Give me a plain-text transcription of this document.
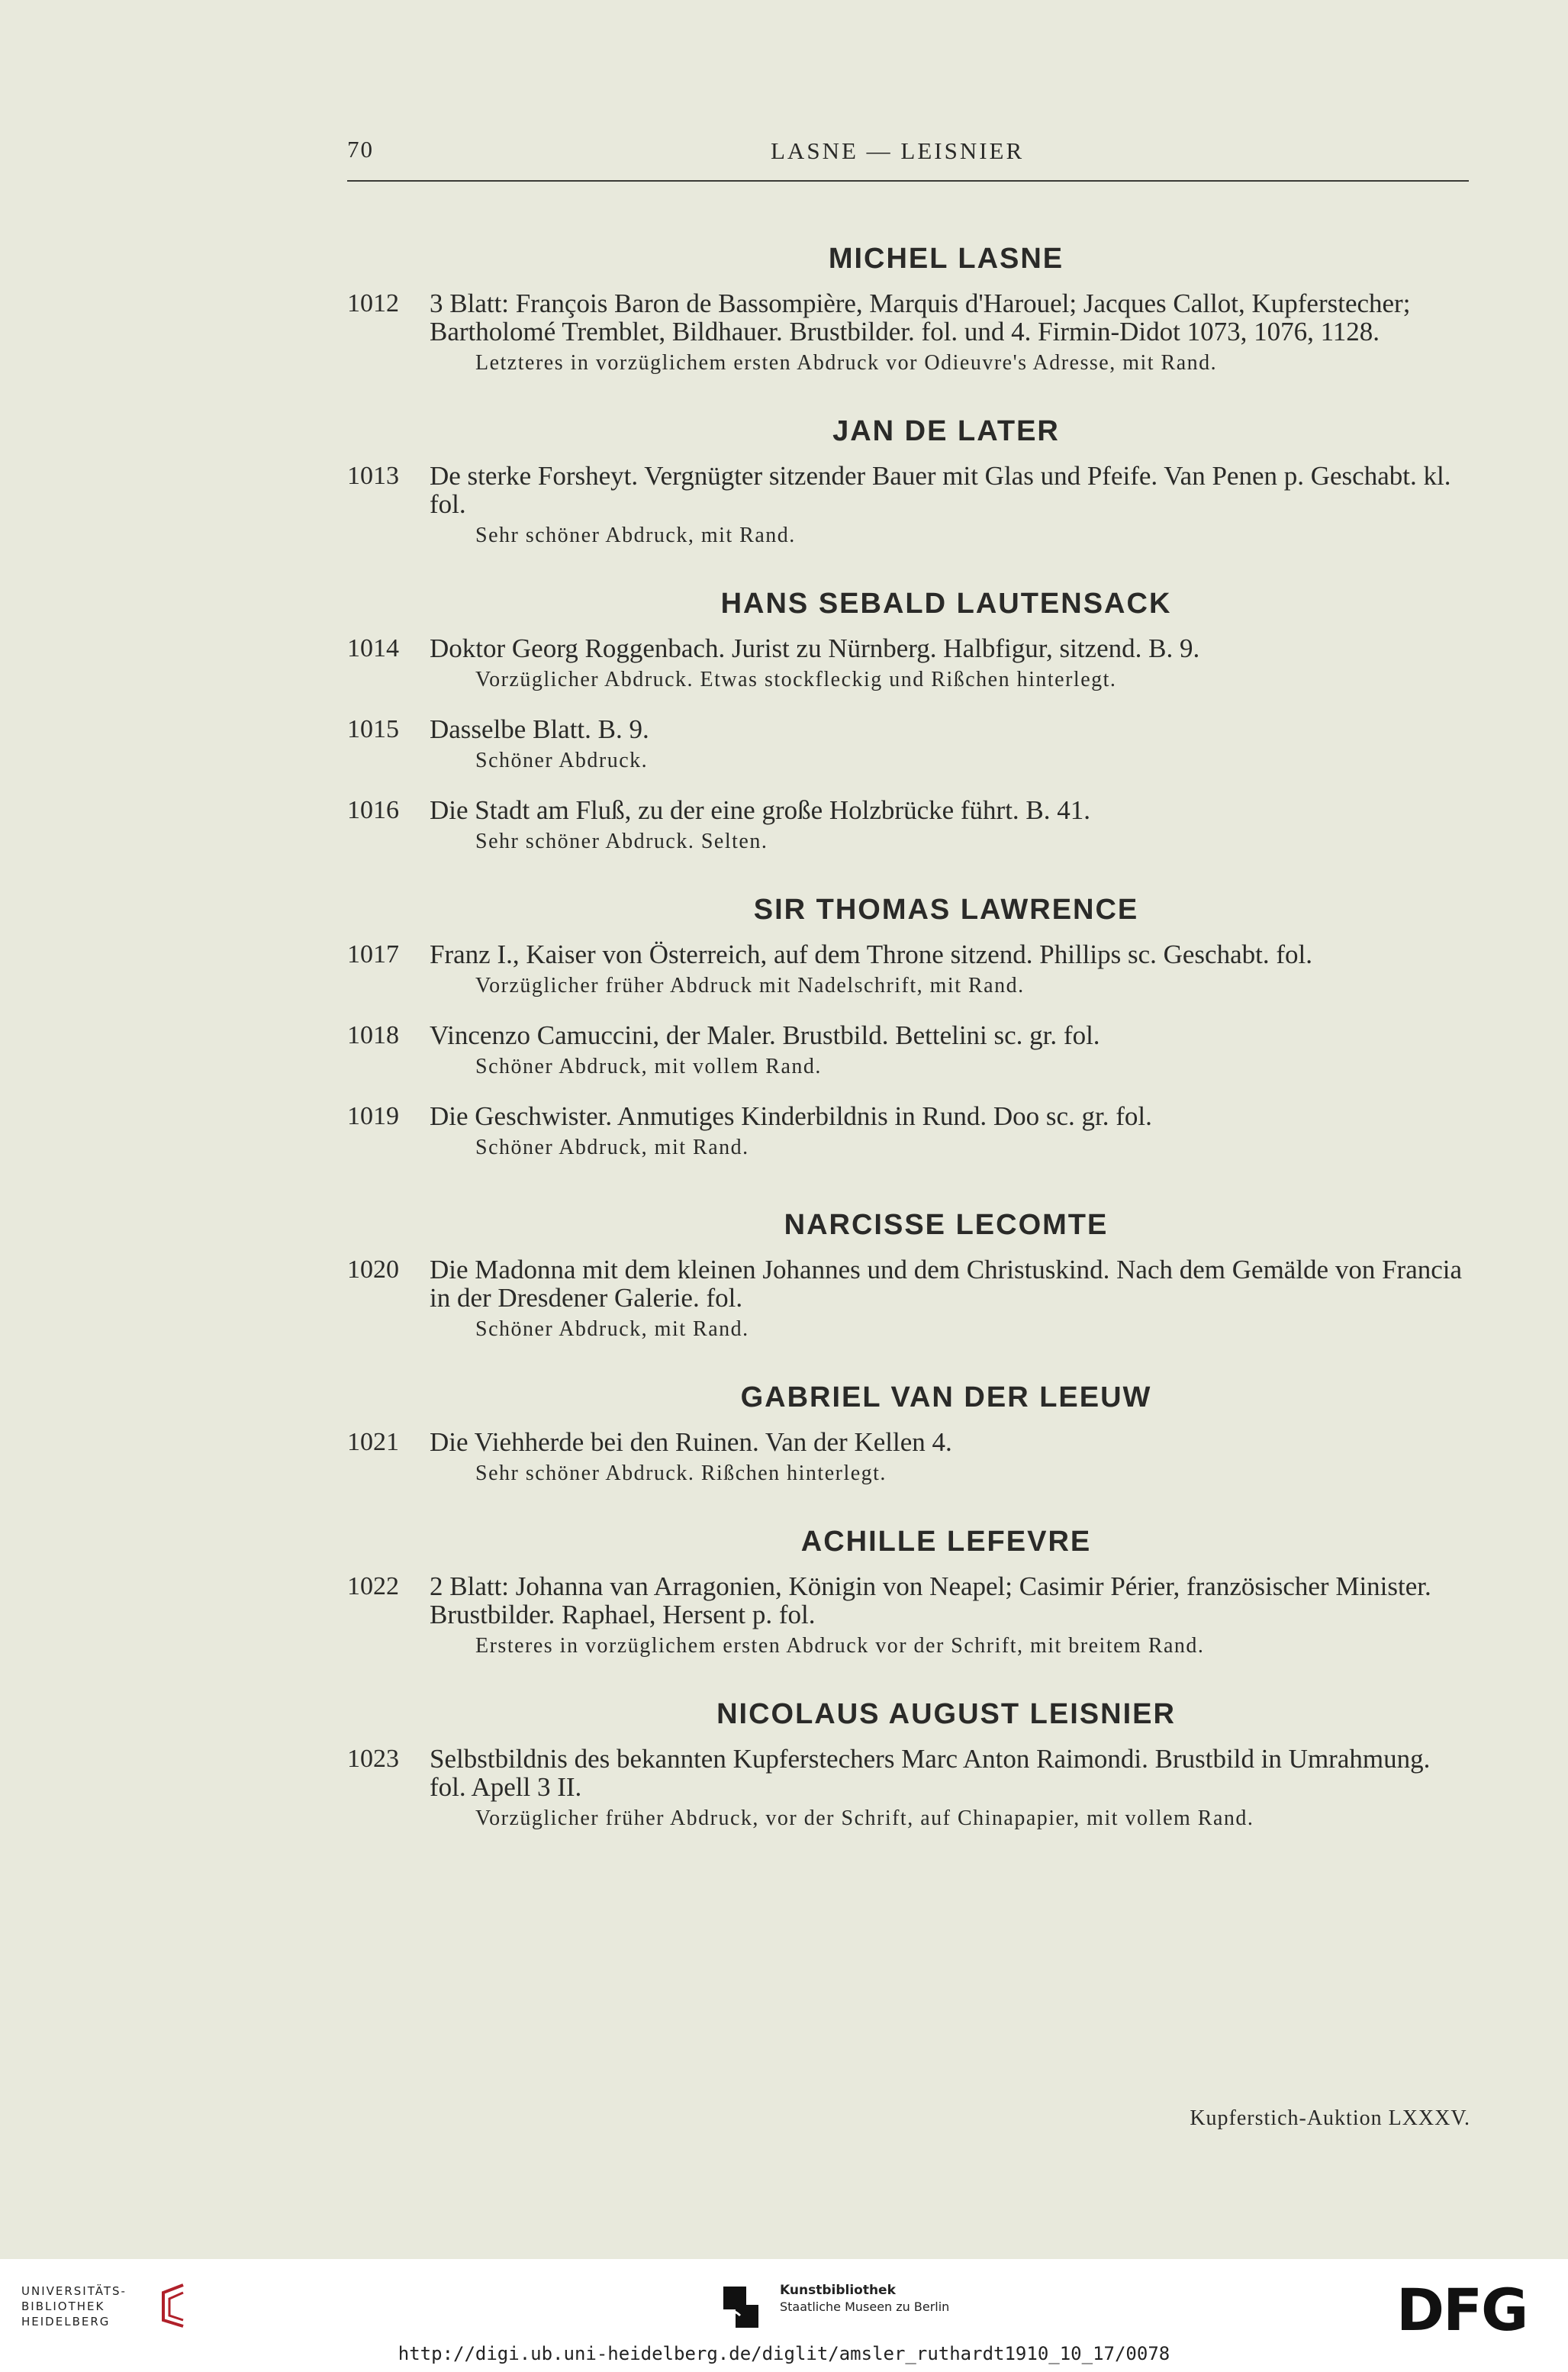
70	LASNE — LEISNIER
MICHEL LASNE
1012	3 Blatt: François Baron de Bassompière, Marquis d'Harouel; Jacques Callot, Kupferstecher; Bartholomé Tremblet, Bildhauer. Brustbilder. fol. und 4. Firmin-Didot 1073, 1076, 1128.
Letzteres in vorzüglichem ersten Abdruck vor Odieuvre's Adresse, mit Rand.
JAN DE LATER
1013	De sterke Forsheyt. Vergnügter sitzender Bauer mit Glas und Pfeife. Van Penen p. Geschabt. kl. fol.
Sehr schöner Abdruck, mit Rand.
HANS SEBALD LAUTENSACK
1014	Doktor Georg Roggenbach. Jurist zu Nürnberg. Halbfigur, sitzend. B. 9.
Vorzüglicher Abdruck. Etwas stockfleckig und Rißchen hinterlegt.
1015	Dasselbe Blatt. B. 9.
Schöner Abdruck.
1016	Die Stadt am Fluß, zu der eine große Holzbrücke führt. B. 41.
Sehr schöner Abdruck. Selten.
SIR THOMAS LAWRENCE
1017	Franz I., Kaiser von Österreich, auf dem Throne sitzend. Phillips sc. Geschabt. fol.
Vorzüglicher früher Abdruck mit Nadelschrift, mit Rand.
1018	Vincenzo Camuccini, der Maler. Brustbild. Bettelini sc. gr. fol.
Schöner Abdruck, mit vollem Rand.
1019	Die Geschwister. Anmutiges Kinderbildnis in Rund. Doo sc. gr. fol.
Schöner Abdruck, mit Rand.
NARCISSE LECOMTE
1020	Die Madonna mit dem kleinen Johannes und dem Christuskind. Nach dem Gemälde von Francia in der Dresdener Galerie. fol.
Schöner Abdruck, mit Rand.
GABRIEL VAN DER LEEUW
1021	Die Viehherde bei den Ruinen. Van der Kellen 4.
Sehr schöner Abdruck. Rißchen hinterlegt.
ACHILLE LEFEVRE
1022	2 Blatt: Johanna van Arragonien, Königin von Neapel; Casimir Périer, französischer Minister. Brustbilder. Raphael, Hersent p. fol.
Ersteres in vorzüglichem ersten Abdruck vor der Schrift, mit breitem Rand.
NICOLAUS AUGUST LEISNIER
1023	Selbstbildnis des bekannten Kupferstechers Marc Anton Raimondi. Brustbild in Umrahmung. fol. Apell 3 II.
Vorzüglicher früher Abdruck, vor der Schrift, auf Chinapapier, mit vollem Rand.
Kupferstich-Auktion LXXXV.
UNIVERSITÄTS-
BIBLIOTHEK
HEIDELBERG
Kunstbibliothek
Staatliche Museen zu Berlin	DFG
http://digi.ub.uni-heidelberg.de/diglit/amsler_ruthardt1910_10_17/0078
